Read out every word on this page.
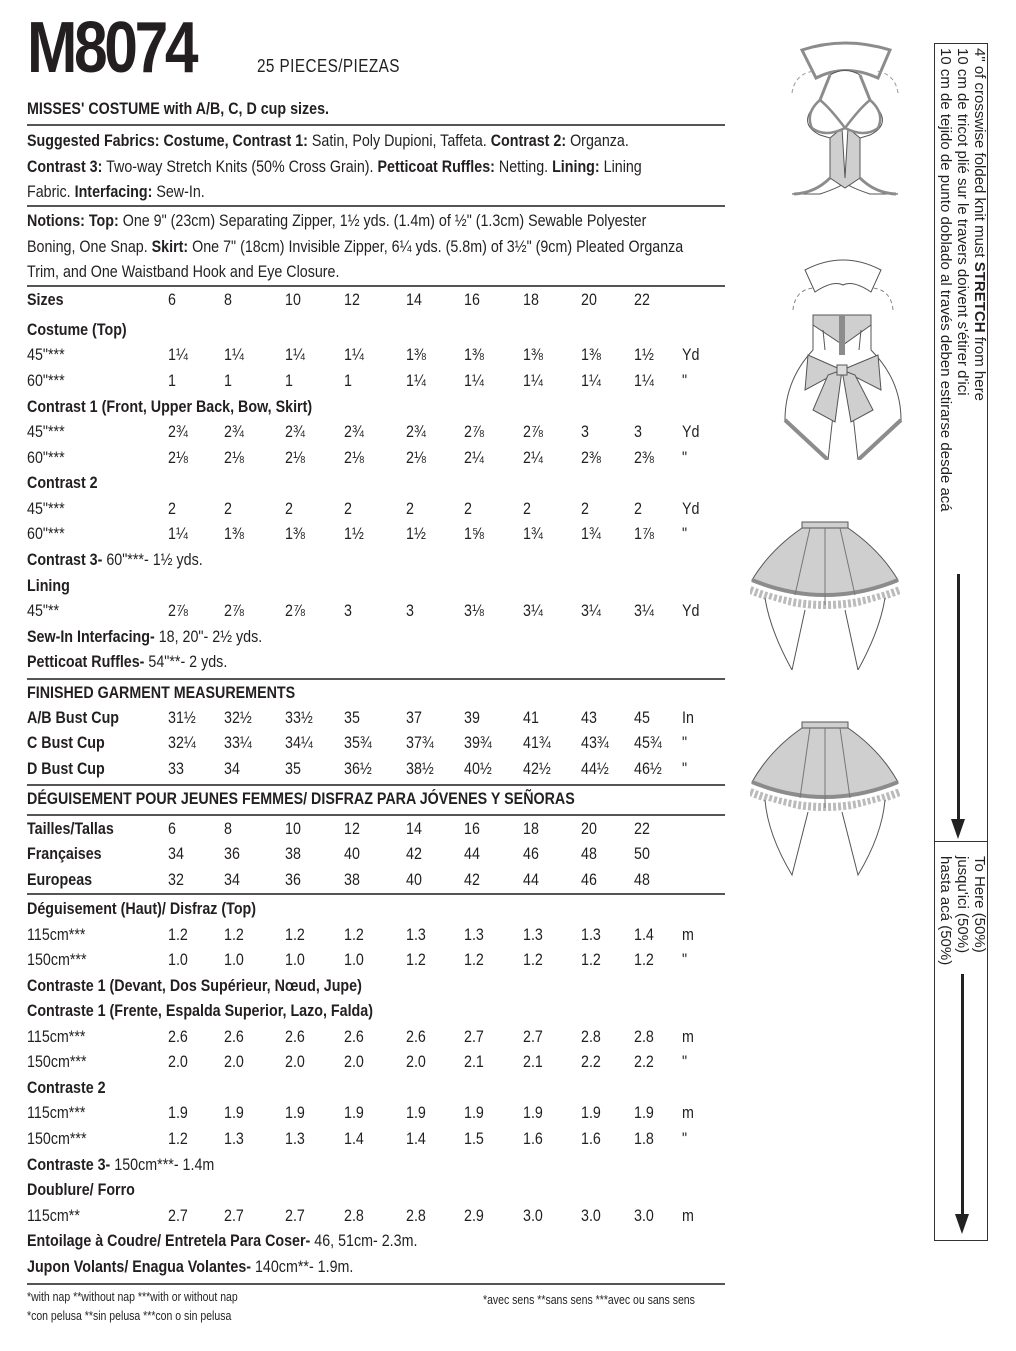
M8074	25 PIECES/PIEZAS
MISSES' COSTUME with A/B, C, D cup sizes.
Suggested Fabrics: Costume, Contrast 1: Satin, Poly Dupioni, Taffeta. Contrast 2: Organza.
Contrast 3: Two-way Stretch Knits (50% Cross Grain). Petticoat Ruffles: Netting. Lining: Lining
Fabric. Interfacing: Sew-In.
Notions: Top: One 9" (23cm) Separating Zipper, 1½ yds. (1.4m) of ½" (1.3cm) Sewable Polyester
Boning, One Snap. Skirt: One 7" (18cm) Invisible Zipper, 6¼ yds. (5.8m) of 3½" (9cm) Pleated Organza
Trim, and One Waistband Hook and Eye Closure.
Sizes	6	8	10	12	14 16	18 20 22
Costume (Top)
45"***	1¼ 1¼ 1¼ 1¼ 1⅜ 1⅜ 1⅜ 1⅜ 1½ Yd
60"***	1	1	1	1	1¼ 1¼ 1¼ 1¼ 1¼ "
Contrast 1 (Front, Upper Back, Bow, Skirt)
45"***	2¾ 2¾ 2¾ 2¾ 2¾ 2⅞ 2⅞ 3	3 Yd
60"***	2⅛ 2⅛ 2⅛ 2⅛ 2⅛ 2¼ 2¼ 2⅜ 2⅜ "
Contrast 2
45"***	2	2	2	2	2	2	2	2	2 Yd
60"***	1¼ 1⅜ 1⅜ 1½ 1½ 1⅝ 1¾ 1¾ 1⅞ "
Contrast 3- 60"***- 1½ yds.
Lining
45"**	2⅞ 2⅞ 2⅞ 3	3	3⅛ 3¼ 3¼ 3¼ Yd
Sew-In Interfacing- 18, 20"- 2½ yds.
Petticoat Ruffles- 54"**- 2 yds.
FINISHED GARMENT MEASUREMENTS
A/B Bust Cup	31½ 32½ 33½ 35	37 39	41 43 45 In
C Bust Cup	32¼ 33¼ 34¼ 35¾ 37¾ 39¾ 41¾ 43¾ 45¾ "
D Bust Cup	33 34	35	36½ 38½ 40½ 42½ 44½ 46½ "
DÉGUISEMENT POUR JEUNES FEMMES/ DISFRAZ PARA JÓVENES Y SEÑORAS
Tailles/Tallas	6	8	10	12	14 16	18 20 22
Françaises	34 36	38	40	42 44	46 48 50
Europeas	32 34	36	38	40 42	44 46 48
Déguisement (Haut)/ Disfraz (Top)
115cm***	1.2 1.2 1.2 1.2 1.3 1.3 1.3 1.3 1.4 m
150cm***	1.0 1.0 1.0 1.0 1.2 1.2 1.2 1.2 1.2 "
Contraste 1 (Devant, Dos Supérieur, Nœud, Jupe)
Contraste 1 (Frente, Espalda Superior, Lazo, Falda)
115cm***	2.6 2.6 2.6 2.6 2.6 2.7 2.7 2.8 2.8 m
150cm***	2.0 2.0 2.0 2.0 2.0 2.1 2.1 2.2 2.2 "
Contraste 2
115cm***	1.9 1.9 1.9 1.9 1.9 1.9 1.9 1.9 1.9 m
150cm***	1.2 1.3 1.3 1.4 1.4 1.5 1.6 1.6 1.8 "
Contraste 3- 150cm***- 1.4m
Doublure/ Forro
115cm**	2.7 2.7 2.7 2.8 2.8 2.9 3.0 3.0 3.0 m
Entoilage à Coudre/ Entretela Para Coser- 46, 51cm- 2.3m.
Jupon Volants/ Enagua Volantes- 140cm**- 1.9m.
*with nap **without nap ***with or without nap
*con pelusa **sin pelusa ***con o sin pelusa
*avec sens **sans sens ***avec ou sans sens
4" of crosswise folded knit must STRETCH from here
10 cm de tricot plié sur le travers doivent s'étirer d'ici
10 cm de tejido de punto doblado al través deben estirarse desde acá
To Here (50%)
jusqu'ici (50%)
hasta acá (50%)
